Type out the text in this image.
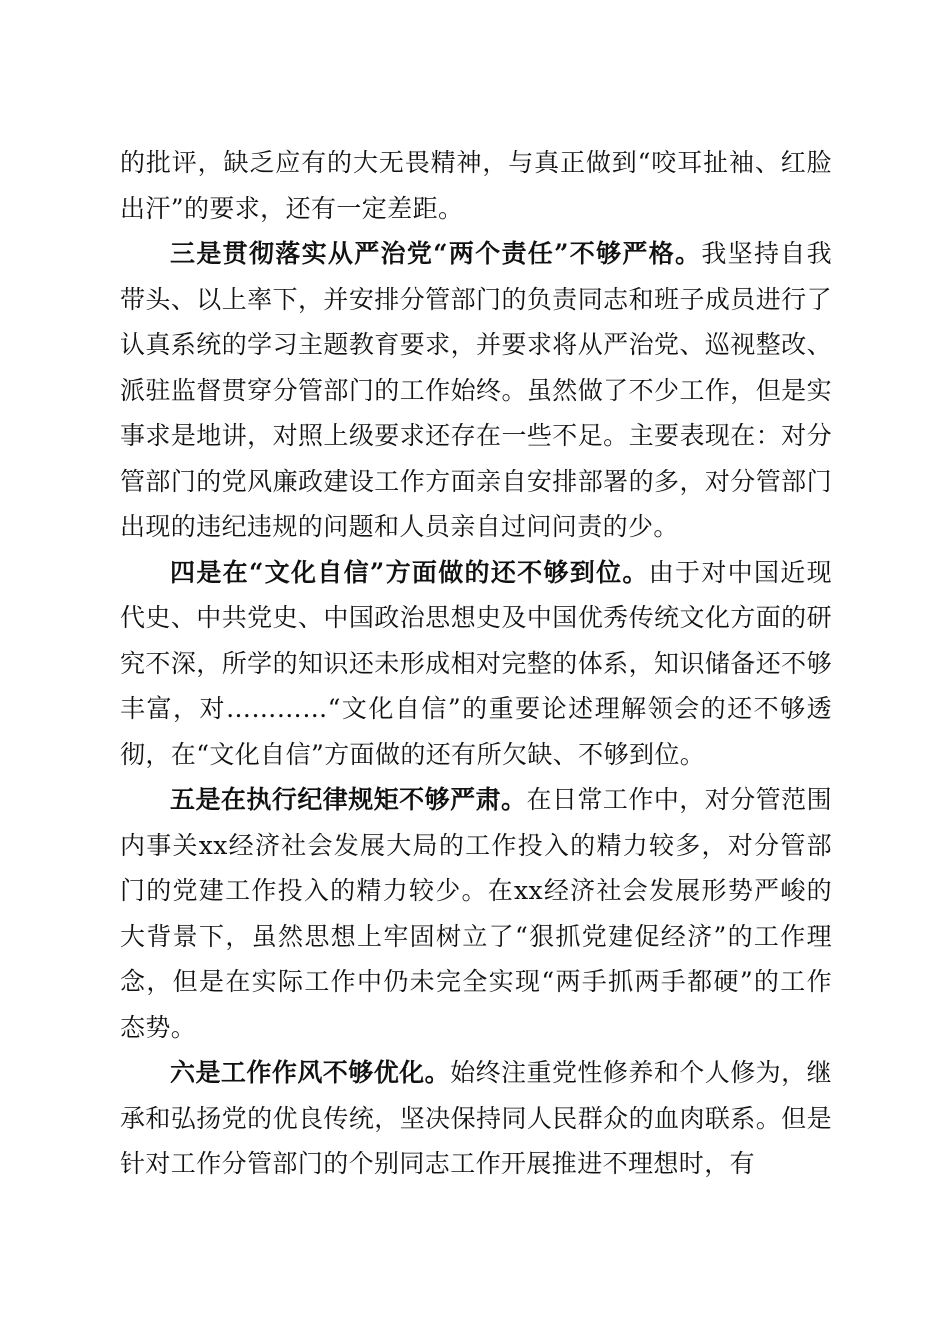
的批评，缺乏应有的大无畏精神，与真正做到“咬耳扯袖、红脸出汗”的要求，还有一定差距。

三是贯彻落实从严治党“两个责任”不够严格。我坚持自我带头、以上率下，并安排分管部门的负责同志和班子成员进行了认真系统的学习主题教育要求，并要求将从严治党、巡视整改、派驻监督贯穿分管部门的工作始终。虽然做了不少工作，但是实事求是地讲，对照上级要求还存在一些不足。主要表现在：对分管部门的党风廉政建设工作方面亲自安排部署的多，对分管部门出现的违纪违规的问题和人员亲自过问问责的少。

四是在“文化自信”方面做的还不够到位。由于对中国近现代史、中共党史、中国政治思想史及中国优秀传统文化方面的研究不深，所学的知识还未形成相对完整的体系，知识储备还不够丰富，对…………“文化自信”的重要论述理解领会的还不够透彻，在“文化自信”方面做的还有所欠缺、不够到位。

五是在执行纪律规矩不够严肃。在日常工作中，对分管范围内事关xx经济社会发展大局的工作投入的精力较多，对分管部门的党建工作投入的精力较少。在xx经济社会发展形势严峻的大背景下，虽然思想上牢固树立了“狠抓党建促经济”的工作理念，但是在实际工作中仍未完全实现“两手抓两手都硬”的工作态势。

六是工作作风不够优化。始终注重党性修养和个人修为，继承和弘扬党的优良传统，坚决保持同人民群众的血肉联系。但是针对工作分管部门的个别同志工作开展推进不理想时，有
